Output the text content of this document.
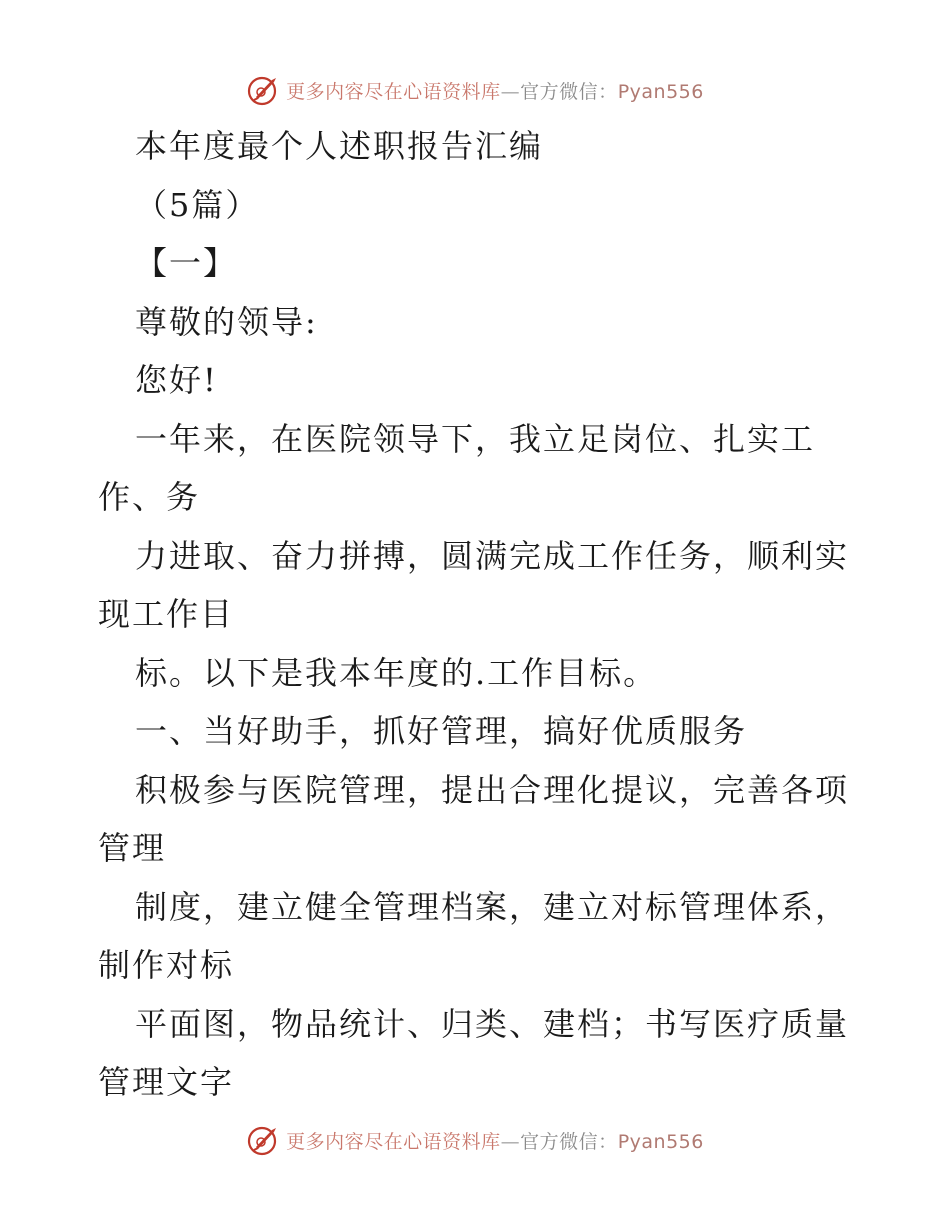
更多内容尽在心语资料库—官方微信：Pyan556
本年度最个人述职报告汇编
（5篇）
【一】
尊敬的领导:
您好!
一年来，在医院领导下，我立足岗位、扎实工
作、务
力进取、奋力拼搏，圆满完成工作任务，顺利实
现工作目
标。以下是我本年度的.工作目标。
一、当好助手，抓好管理，搞好优质服务
积极参与医院管理，提出合理化提议，完善各项
管理
制度，建立健全管理档案，建立对标管理体系，
制作对标
平面图，物品统计、归类、建档；书写医疗质量
管理文字
更多内容尽在心语资料库—官方微信：Pyan556
